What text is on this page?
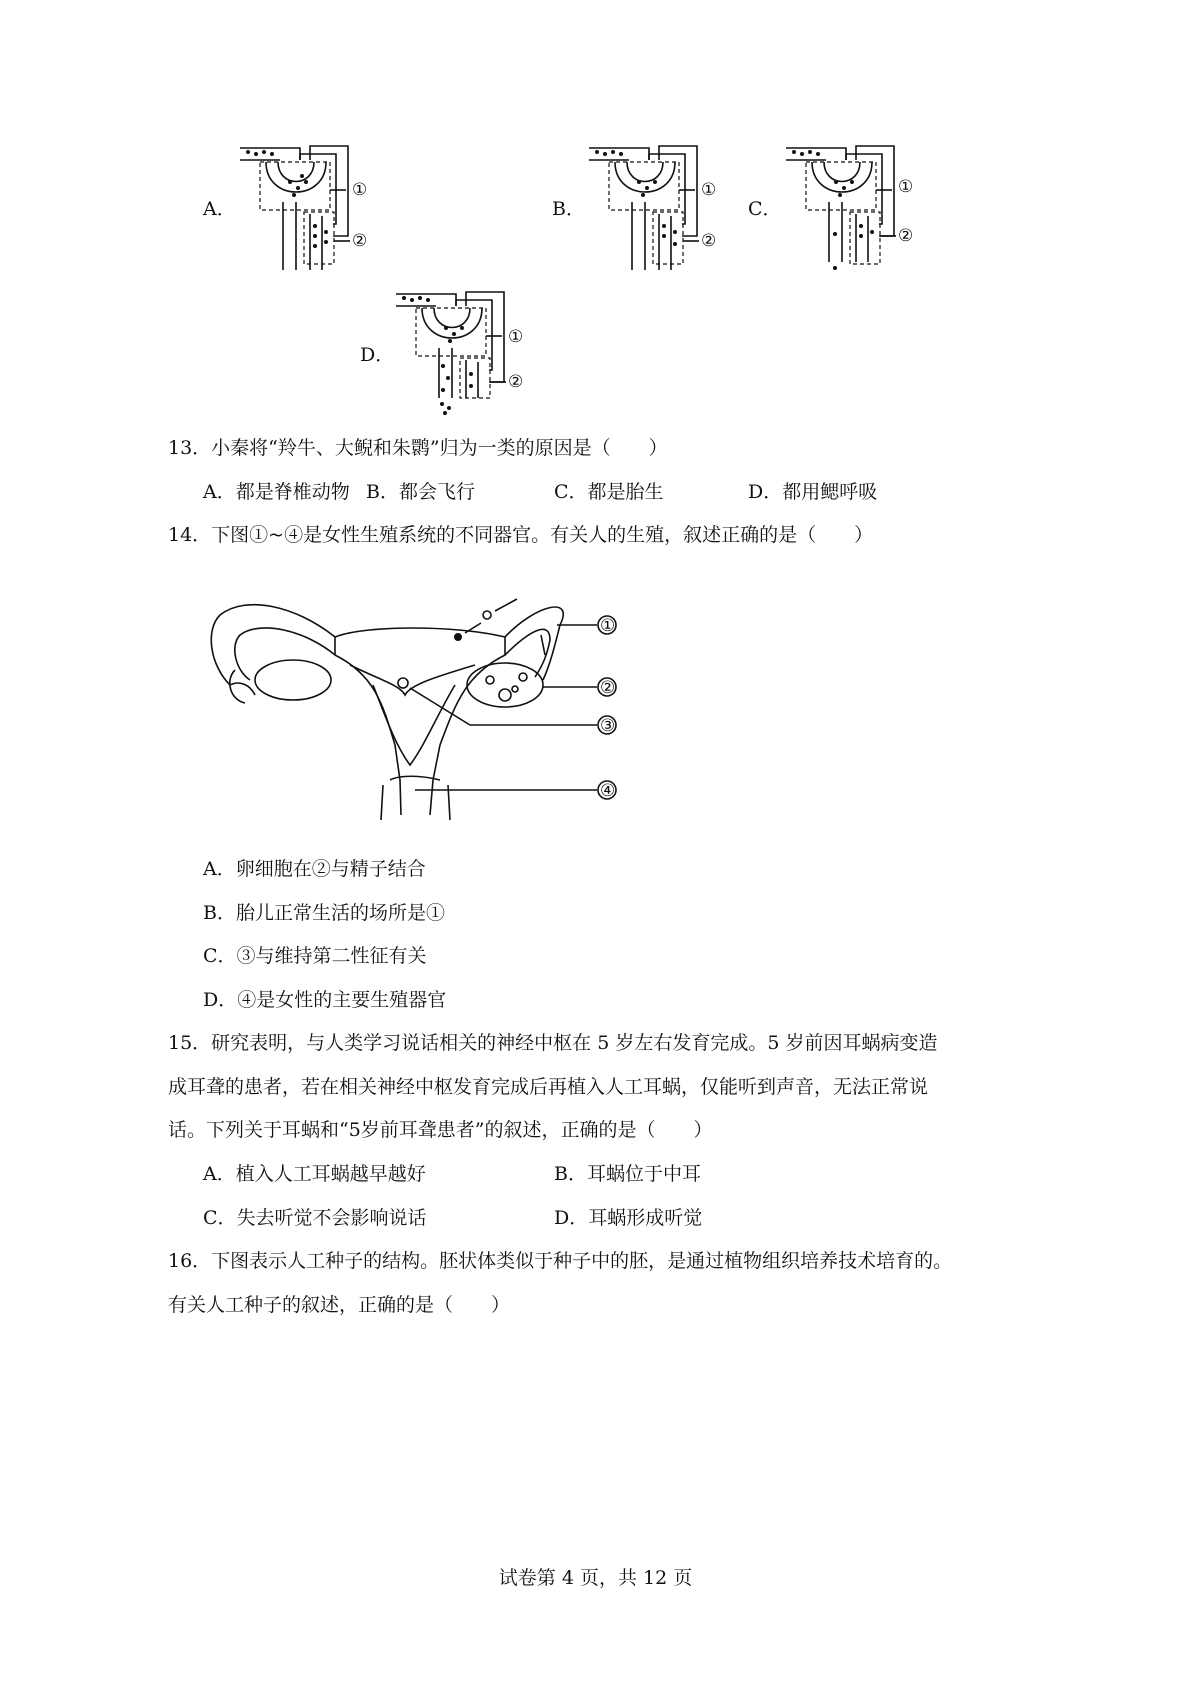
A．
①
②
B．
①
②
C．
①
②
D．
①
②
13．小秦将“羚牛、大鲵和朱鹮”归为一类的原因是（　　）
A．都是脊椎动物 B．都会飞行	C．都是胎生	D．都用鳃呼吸
14．下图①~④是女性生殖系统的不同器官。有关人的生殖，叙述正确的是（　　）
①
②
③
④
A．卵细胞在②与精子结合
B．胎儿正常生活的场所是①
C．③与维持第二性征有关
D．④是女性的主要生殖器官
15．研究表明，与人类学习说话相关的神经中枢在 5 岁左右发育完成。5 岁前因耳蜗病变造
成耳聋的患者，若在相关神经中枢发育完成后再植入人工耳蜗，仅能听到声音，无法正常说
话。下列关于耳蜗和“5岁前耳聋患者”的叙述，正确的是（　　）
A．植入人工耳蜗越早越好	B．耳蜗位于中耳
C．失去听觉不会影响说话	D．耳蜗形成听觉
16．下图表示人工种子的结构。胚状体类似于种子中的胚，是通过植物组织培养技术培育的。
有关人工种子的叙述，正确的是（　　）
试卷第 4 页，共 12 页
